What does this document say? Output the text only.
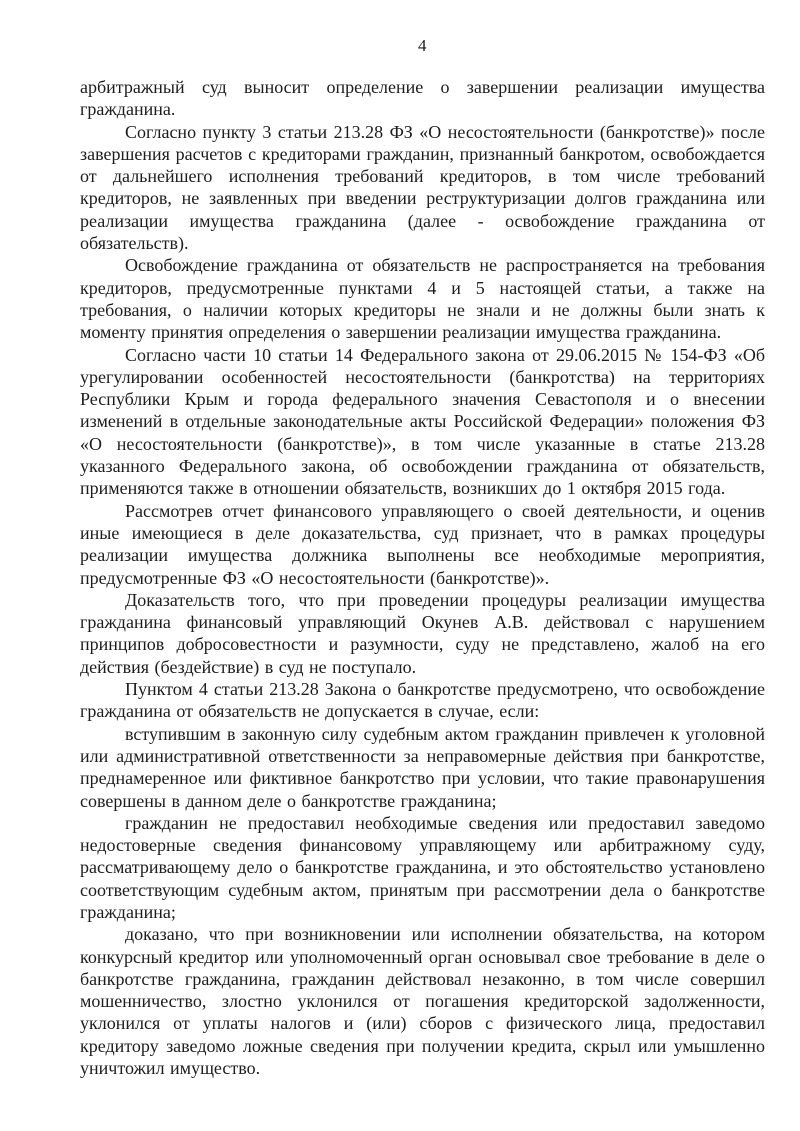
4

арбитражный суд выносит определение о завершении реализации имущества гражданина.

Согласно пункту 3 статьи 213.28 ФЗ «О несостоятельности (банкротстве)» после завершения расчетов с кредиторами гражданин, признанный банкротом, освобождается от дальнейшего исполнения требований кредиторов, в том числе требований кредиторов, не заявленных при введении реструктуризации долгов гражданина или реализации имущества гражданина (далее - освобождение гражданина от обязательств).

Освобождение гражданина от обязательств не распространяется на требования кредиторов, предусмотренные пунктами 4 и 5 настоящей статьи, а также на требования, о наличии которых кредиторы не знали и не должны были знать к моменту принятия определения о завершении реализации имущества гражданина.

Согласно части 10 статьи 14 Федерального закона от 29.06.2015 № 154-ФЗ «Об урегулировании особенностей несостоятельности (банкротства) на территориях Республики Крым и города федерального значения Севастополя и о внесении изменений в отдельные законодательные акты Российской Федерации» положения ФЗ «О несостоятельности (банкротстве)», в том числе указанные в статье 213.28 указанного Федерального закона, об освобождении гражданина от обязательств, применяются также в отношении обязательств, возникших до 1 октября 2015 года.

Рассмотрев отчет финансового управляющего о своей деятельности, и оценив иные имеющиеся в деле доказательства, суд признает, что в рамках процедуры реализации имущества должника выполнены все необходимые мероприятия, предусмотренные ФЗ «О несостоятельности (банкротстве)».

Доказательств того, что при проведении процедуры реализации имущества гражданина финансовый управляющий Окунев А.В. действовал с нарушением принципов добросовестности и разумности, суду не представлено, жалоб на его действия (бездействие) в суд не поступало.

Пунктом 4 статьи 213.28 Закона о банкротстве предусмотрено, что освобождение гражданина от обязательств не допускается в случае, если:

вступившим в законную силу судебным актом гражданин привлечен к уголовной или административной ответственности за неправомерные действия при банкротстве, преднамеренное или фиктивное банкротство при условии, что такие правонарушения совершены в данном деле о банкротстве гражданина;

гражданин не предоставил необходимые сведения или предоставил заведомо недостоверные сведения финансовому управляющему или арбитражному суду, рассматривающему дело о банкротстве гражданина, и это обстоятельство установлено соответствующим судебным актом, принятым при рассмотрении дела о банкротстве гражданина;

доказано, что при возникновении или исполнении обязательства, на котором конкурсный кредитор или уполномоченный орган основывал свое требование в деле о банкротстве гражданина, гражданин действовал незаконно, в том числе совершил мошенничество, злостно уклонился от погашения кредиторской задолженности, уклонился от уплаты налогов и (или) сборов с физического лица, предоставил кредитору заведомо ложные сведения при получении кредита, скрыл или умышленно уничтожил имущество.
